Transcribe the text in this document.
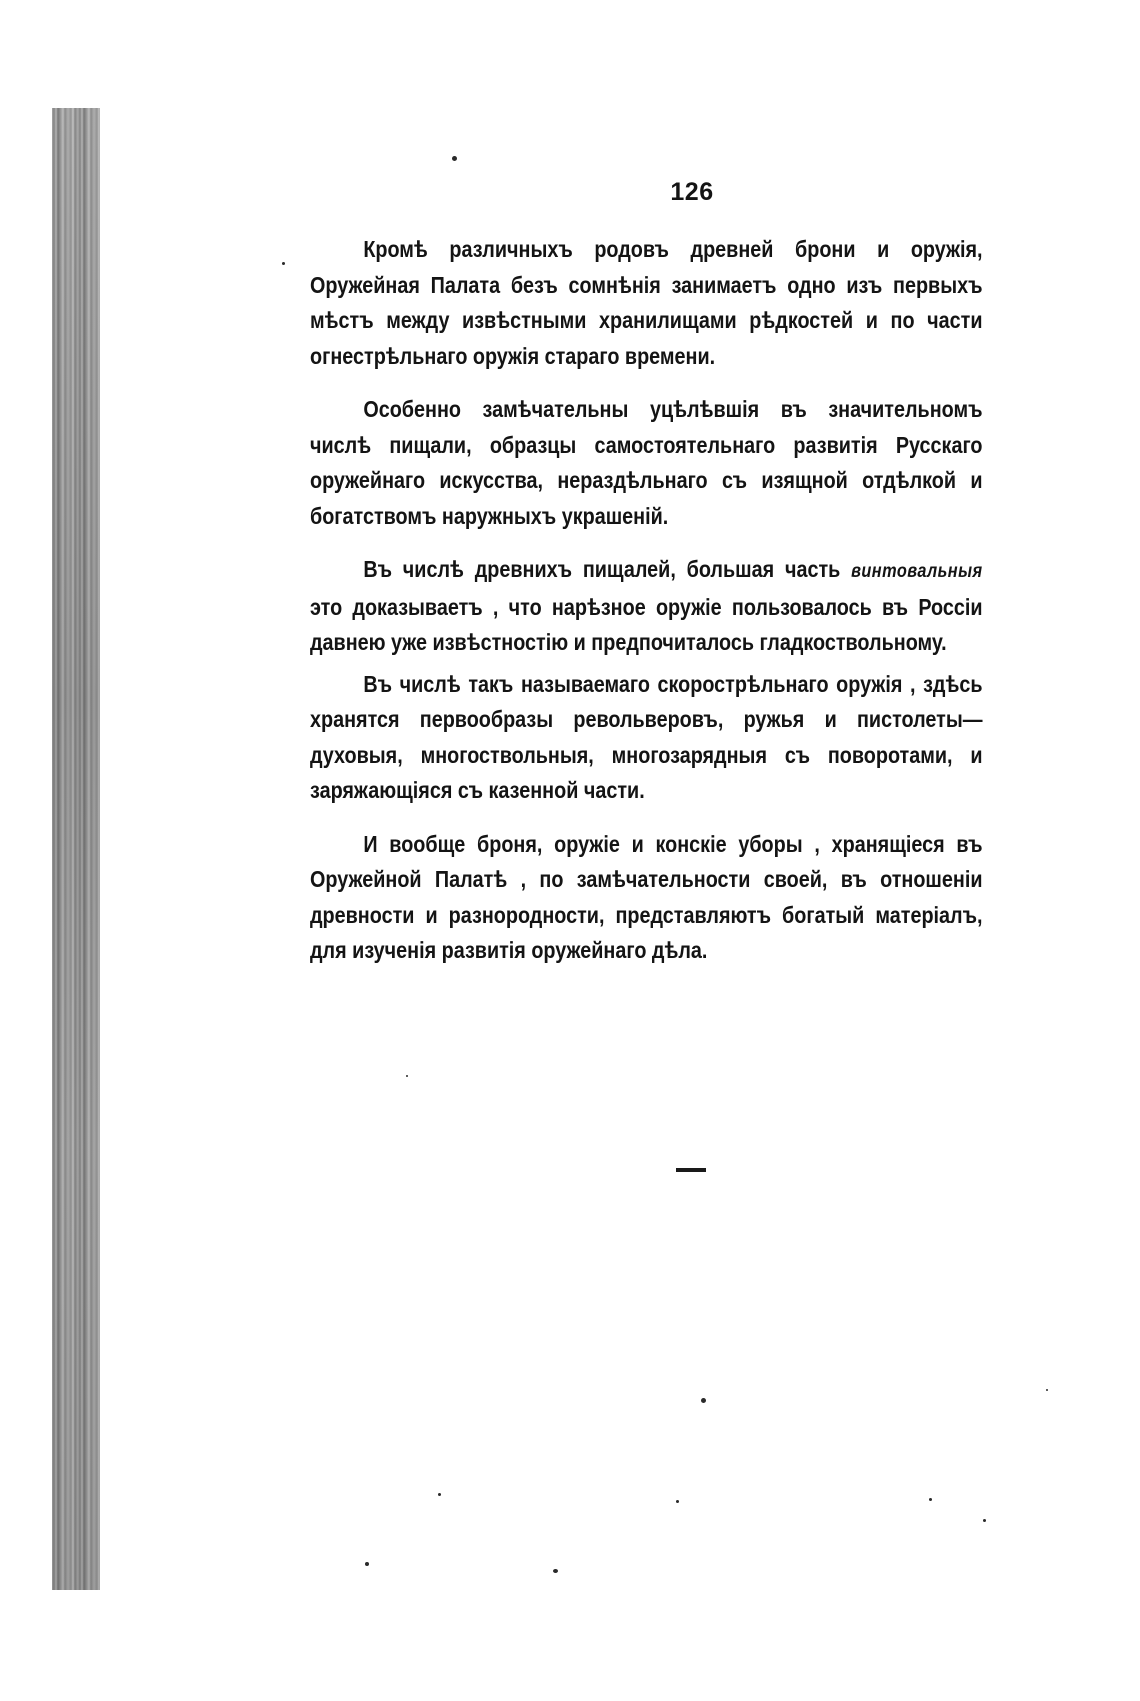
126

Кромѣ различныхъ родовъ древней брони и оружія, Оружейная Палата безъ сомнѣнія занимаетъ одно изъ первыхъ мѣстъ между извѣстными хранилищами рѣдкостей и по части огнестрѣльнаго оружія стараго времени.

Особенно замѣчательны уцѣлѣвшія въ значительномъ числѣ пищали, образцы самостоятельнаго развитія Русскаго оружейнаго искусства, нераздѣльнаго съ изящной отдѣлкой и богатствомъ наружныхъ украшеній.

Въ числѣ древнихъ пищалей, большая часть винтовальныя это доказываетъ , что нарѣзное оружіе пользовалось въ Россіи давнею уже извѣстностію и предпочиталось гладкоствольному.

Въ числѣ такъ называемаго скорострѣльнаго оружія , здѣсь хранятся первообразы револьверовъ, ружья и пистолеты—духовыя, многоствольныя, многозарядныя съ поворотами, и заряжающіяся съ казенной части.

И вообще броня, оружіе и конскіе уборы , хранящіеся въ Оружейной Палатѣ , по замѣчательности своей, въ отношеніи древности и разнородности, представляютъ богатый матеріалъ, для изученія развитія оружейнаго дѣла.
